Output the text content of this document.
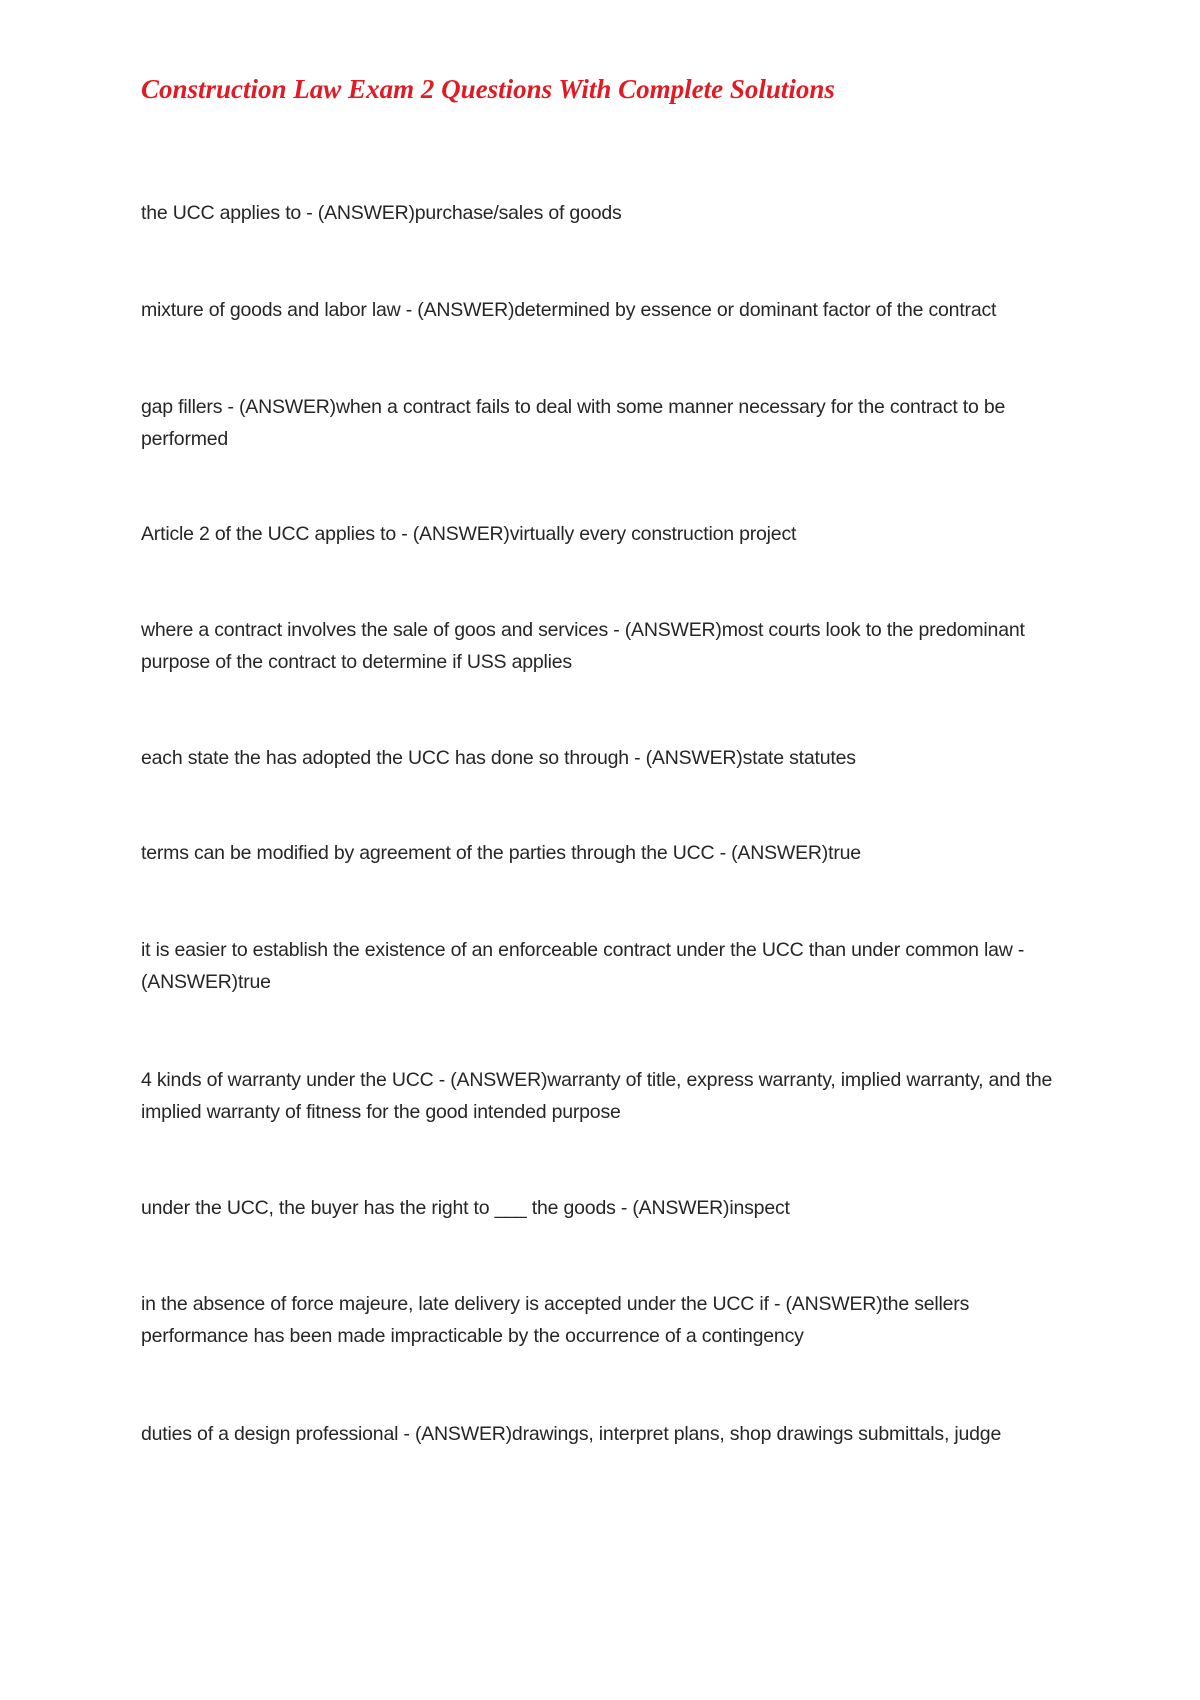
Construction Law Exam 2 Questions With Complete Solutions

the UCC applies to - (ANSWER)purchase/sales of goods

mixture of goods and labor law - (ANSWER)determined by essence or dominant factor of the contract

gap fillers - (ANSWER)when a contract fails to deal with some manner necessary for the contract to be performed

Article 2 of the UCC applies to - (ANSWER)virtually every construction project

where a contract involves the sale of goos and services - (ANSWER)most courts look to the predominant purpose of the contract to determine if USS applies

each state the has adopted the UCC has done so through - (ANSWER)state statutes

terms can be modified by agreement of the parties through the UCC - (ANSWER)true

it is easier to establish the existence of an enforceable contract under the UCC than under common law - (ANSWER)true

4 kinds of warranty under the UCC - (ANSWER)warranty of title, express warranty, implied warranty, and the implied warranty of fitness for the good intended purpose

under the UCC, the buyer has the right to ___ the goods - (ANSWER)inspect

in the absence of force majeure, late delivery is accepted under the UCC if - (ANSWER)the sellers performance has been made impracticable by the occurrence of a contingency

duties of a design professional - (ANSWER)drawings, interpret plans, shop drawings submittals, judge
